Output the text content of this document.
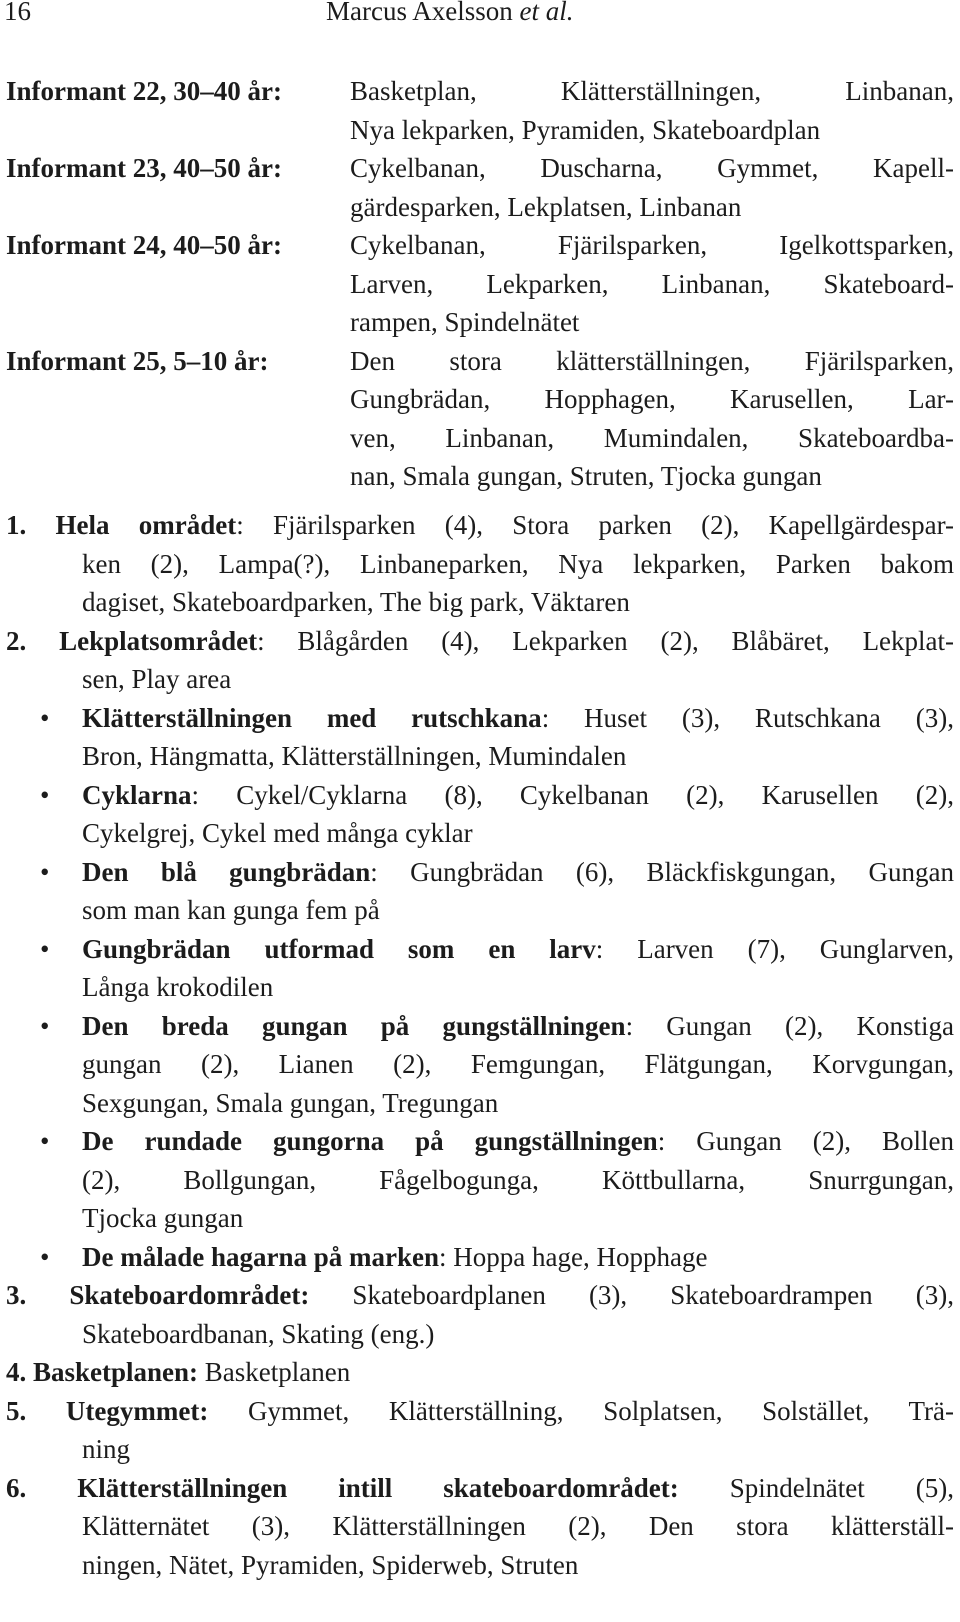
16	Marcus Axelsson et al.
Informant 22, 30–40 år:	Basketplan, Klätterställningen, Linbanan,
Nya lekparken, Pyramiden, Skateboardplan
Informant 23, 40–50 år:	Cykelbanan, Duscharna, Gymmet, Kapell-
gärdesparken, Lekplatsen, Linbanan
Informant 24, 40–50 år:	Cykelbanan, Fjärilsparken, Igelkottsparken,
Larven, Lekparken, Linbanan, Skateboard-
rampen, Spindelnätet
Informant 25, 5–10 år:	Den stora klätterställningen, Fjärilsparken,
Gungbrädan, Hopphagen, Karusellen, Lar-
ven, Linbanan, Mumindalen, Skateboardba-
nan, Smala gungan, Struten, Tjocka gungan
1. Hela området: Fjärilsparken (4), Stora parken (2), Kapellgärdespar-
ken (2), Lampa(?), Linbaneparken, Nya lekparken, Parken bakom
dagiset, Skateboardparken, The big park, Väktaren
2. Lekplatsområdet: Blågården (4), Lekparken (2), Blåbäret, Lekplat-
sen, Play area
• Klätterställningen med rutschkana: Huset (3), Rutschkana (3),
Bron, Hängmatta, Klätterställningen, Mumindalen
• Cyklarna: Cykel/Cyklarna (8), Cykelbanan (2), Karusellen (2),
Cykelgrej, Cykel med många cyklar
• Den blå gungbrädan: Gungbrädan (6), Bläckfiskgungan, Gungan
som man kan gunga fem på
• Gungbrädan utformad som en larv: Larven (7), Gunglarven,
Långa krokodilen
• Den breda gungan på gungställningen: Gungan (2), Konstiga
gungan (2), Lianen (2), Femgungan, Flätgungan, Korvgungan,
Sexgungan, Smala gungan, Tregungan
• De rundade gungorna på gungställningen: Gungan (2), Bollen
(2), Bollgungan, Fågelbogunga, Köttbullarna, Snurrgungan,
Tjocka gungan
• De målade hagarna på marken: Hoppa hage, Hopphage
3. Skateboardområdet: Skateboardplanen (3), Skateboardrampen (3),
Skateboardbanan, Skating (eng.)
4. Basketplanen: Basketplanen
5. Utegymmet: Gymmet, Klätterställning, Solplatsen, Solstället, Trä-
ning
6. Klätterställningen intill skateboardområdet: Spindelnätet (5),
Klätternätet (3), Klätterställningen (2), Den stora klätterställ-
ningen, Nätet, Pyramiden, Spiderweb, Struten
